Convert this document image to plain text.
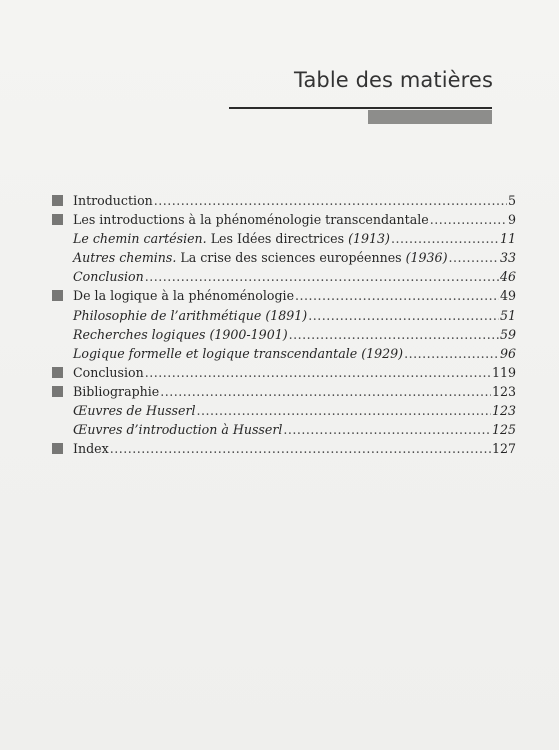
Table des matières
Introduction .....	5
Les introductions à la phénoménologie transcendantale .....	9
Le chemin cartésien. Les Idées directrices (1913) .....	11
Autres chemins. La crise des sciences européennes (1936) .....	33
Conclusion .....	46
De la logique à la phénoménologie .....	49
Philosophie de l’arithmétique (1891) .....	51
Recherches logiques (1900-1901) .....	59
Logique formelle et logique transcendantale (1929) .....	96
Conclusion .....	119
Bibliographie .....	123
Œuvres de Husserl .....	123
Œuvres d’introduction à Husserl .....	125
Index .....	127
